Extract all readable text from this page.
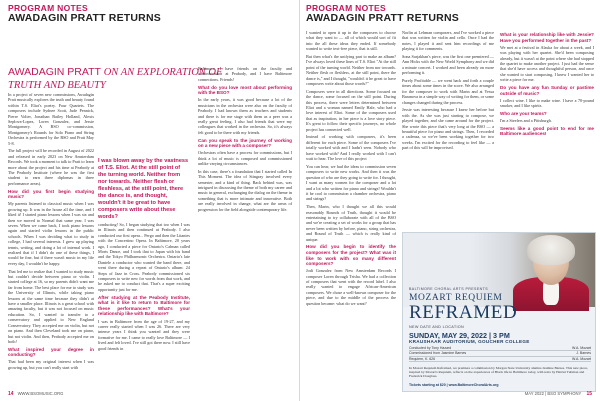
PROGRAM NOTES
AWADAGIN PRATT RETURNS
AWADAGIN PRATT ON AN EXPLORATION OF TRUTH AND BEAUTY

In a project of seven new commissions, Awadagin Pratt musically explores the truth and beauty found within T.S. Eliot's poetry. Four Quartets. The composers include Sydnee Scott, Jude Pennick, Pierre Volter, Jonathan Bailey Holland, Alexis Seplova-Lopez, Loren Gonzalez, and Jessie Montgomery. A BSO co-commission, Montgomery's Rounds for Solo Piano and String Orchestra is performed by the BSO and Pratt May 5-8.

The full project will be recorded in August of 2022 and released in early 2023 on New Amsterdam Records. We took a moment to talk to Pratt to learn more about the project and his time at Peabody at The Peabody Institute (where he was the first student to earn three diplomas in three performance areas).

How did you first begin studying music?

My parents listened to classical music when I was growing up. It was in the house all the time, and I liked it! I started piano lessons when I was six and then we moved to Normal that same year. I was seven. When we came back, I took piano lessons again and started violin lessons in the public schools. When I was deciding what to study in college, I had several interests. I grew up playing tennis, writing, and doing a lot of internal work. I realized that if I didn't do one of these things, I would be fine, but if there wasn't music in my life every day, I wouldn't be happy.

That led me to realize that I wanted to study music but couldn't decide between piano or violin. I started college at 16, so my parents didn't want me far from home. The best place for me to study was the University of Illinois, while taking piano lessons at the same time because they didn't at have a smaller place. Illinois is a great school with amazing faculty, but it was not focused on music education. So, I wanted to transfer to a conservatory and applied to New England Conservatory. They accepted me on violin, but not on piano. And then Cleveland took me on piano, but not violin. And then, Peabody accepted me on both!

What inspired your degree in conducting?

That had been my original interest when I was growing up, but you can't really start with

I was blown away by the vastness of T.S. Eliot. At the still point of the turning world. Neither from nor towards. Neither flesh or fleshless, at the still point, there the dance is, and thought, wouldn't it be great to have composers write about these words?

conducting! So, I began studying that too when I was in Illinois and then continued at Peabody. I also conducted our first opera... Pergo and then the Litanies with the Concertino Opera. In Baltimore, 20 years ago, I conducted a piece for Ontario's Calman called Morts Dance, and I took that to Japan with his band and the Tokyo Philharmonic Orchestra. Ontario's late Daniele a conductor who wanted the band there, and went there during a repeat of Ontario's album: 24 Steps of Jazz in Cross. Peabody commissioned six composers to write new for words from that work, and he asked me to conduct that. That's a super exciting opportunity just for me.

After studying at the Peabody Institute, what is it like to return to Baltimore for these performances? What's your relationship like with Baltimore?

I was in Baltimore from the age of 19-27, and my career really started when I was 26. There are very intense years I think you wanted and they were formative for me. I came to really love Baltimore — I lived and felt loved. I've still got there now. I still have good friends in

Baltimore. I have friends on the faculty and administration at Peabody, and I have Baltimore connections. Friends!

What do you love most about performing with the BSO?

In the early years, it was good because a lot of the musicians in the orchestra were also on the faculty of Peabody. I had known them as teachers and students and there is for me stage with them as a peer was a really great feeling. I also had friends that were my colleagues that worked in the orchestra. So, it's always felt good to be there with my friends.

Can you speak to the journey of working on a new piece with a composer?

Orchestras often have a process for commissions, but I think a lot of music is composed and commissioned unlike varying circumstances.

In this case, there's a foundation that I started called In This Moment. The idea of Stingray involved every semester, and a kind of thing. Back behind was, was intrigued in discussing the theme of both my career and music in general, exchanging the dialog on the theme in something that is more intimate and innovative. Both are really involved in change, what are the areas of progression for the field alongside contemporary life.

14 WWW.BSOMUSIC.ORG
PROGRAM NOTES
AWADAGIN PRATT RETURNS

I wanted to open it up to the composers to choose what they want to — all of which would sort of fit into the all these ideas they ended. If somebody wanted to write text-free piece, that is still.

But then what's the unifying part to make an album? I've always loved these lines of T.S. Eliot "At the still point of the turning world. Neither from nor towards. Neither flesh or fleshless, at the still point, there the dance is," and I thought, "wouldn't it be great to have composers write about those words?"

Composers were in all directions. Some focused on the dance, some focused on the still point. During this process, there were letters determined between Eliot and a woman named Emily Hale, who had a love interest of Eliot. Some of the composers used that as inspiration, in her piece is a love story piece. It's great to follow their specific journeys, no whole project has connected well.

Instead of working with composers, it's been different for each piece. Some of the composers I've totally worked with and I hadn't seen. Nobody who have worked with? And I really worked with I can't wait to hear. The love of this project

You can hear, we had the ideas to commission seven composers to write new works. And then it was the question of who are they going to write for. I thought, I want as many women for the composer and a lot and a lot who written for piano and strings! Wouldn't it be cool to commission a chamber orchestra, piano and strings?

Then, Marin, who I thought we all this would reasonably Rounds of Truth, thought it would be entertaining to try collaborate with all of the BSO and we're creating a set of works for a group that has never been written by before, piano, string orchestra, and Round of Truth — which is really kind of unique.

How did you begin to identify the composers for the project? What was it like to work with so many different composers?

Jodi Gonzalez from New Amsterdam Records I composer Loren through Trisha. We had a collection of composers that went with the record label. I also really wanted to engage African-American composers. We chose a well-known composer for the piece, and due to the middle of the process the question became: what do we want?

Norlin at Lehman composers, and I've worked a piece that was written for violin and cello. Once I had the notes, I played it and sent him recordings of me playing it for comments.

Sona Sarjakhan's piece, was the first one premiered — Ann Hicks with the New World Symphony and we did a minute concert. I worked and been already on more performing it.

Purely Profitable — we went back and forth a couple times about some times in the score. We also arranged for the composer to work with Marin and at Yessa Baranova in a simple way of writing for them, or some changes changed during the process.

Jessie was interesting because I knew her before but with the. As she was just starting to compose, we played together, and she came around for the project. She wrote this piece that's very long at the BSO — a beautiful piece for piano and strings. Then, I recorded a cadenza, so we've been working together for two weeks. I'm excited for the recording to feel like — a part of this will be improvised.

What is your relationship like with Jessie? Have you performed together in the past?

We met at a festival in Alaska for about a week, and I was playing with her quartet. She'd been composing already, but it wasn't at the point where she had stopped the quartet to make another project. I just had the sense that she'd have access and thoughtful person, and once she wanted to start composing, I knew I wanted her to write a piece for me.

Do you have any fun Sunday or pastime outside of music?

I collect wine. I like to make wine. I have a 70-pound smoker, and I like spirits.

Who are your teams?

I'm a Steelers and a Pittsburgh.

Seems like a good point to end for me Baltimore audiences!
BALTIMORE CHORAL ARTS PRESENTS
MOZART REQUIEM
REFRAMED
NEW DATE AND LOCATION
SUNDAY, MAY 29, 2022 | 3 PM
KRAUSHAAR AUDITORIUM, GOUCHER COLLEGE
Conducted by Tony Hazard	W.A. Mozart
Commissioned from Jasmine Barnes	J. Barnes
Requiem, K. 626	W.A. Mozart
In Mozart Requiem Reframed, we premiere a commission by Morgan State University alumna Jasmine Barnes. This new piece, inspired by Mozart's Requiem, reflects on the experiences of Black life in Baltimore today, with texts by Harriet Tubman and Frederick Douglass.
Tickets starting at $20 | www.BaltimoreChoralArts.org
MAY 2022 | BSO SYMPHONY 15
